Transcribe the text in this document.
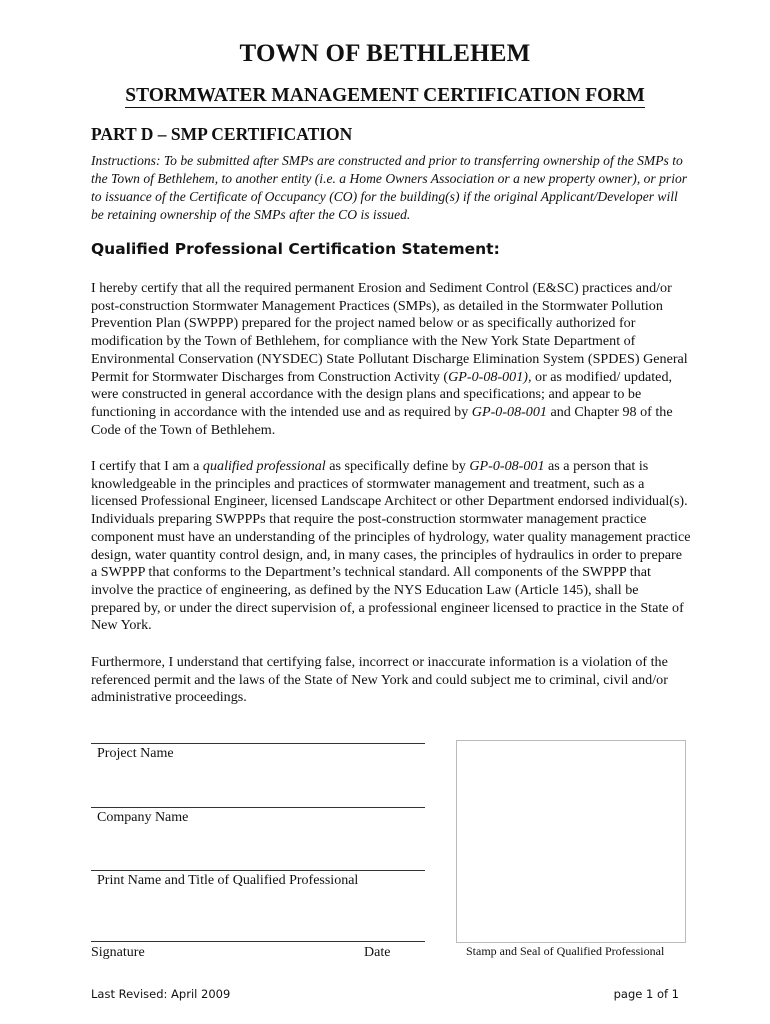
TOWN OF BETHLEHEM
STORMWATER MANAGEMENT CERTIFICATION FORM
PART D – SMP CERTIFICATION
Instructions: To be submitted after SMPs are constructed and prior to transferring ownership of the SMPs to the Town of Bethlehem, to another entity (i.e. a Home Owners Association or a new property owner), or prior to issuance of the Certificate of Occupancy (CO) for the building(s) if the original Applicant/Developer will be retaining ownership of the SMPs after the CO is issued.
Qualified Professional Certification Statement:
I hereby certify that all the required permanent Erosion and Sediment Control (E&SC) practices and/or post-construction Stormwater Management Practices (SMPs), as detailed in the Stormwater Pollution Prevention Plan (SWPPP) prepared for the project named below or as specifically authorized for modification by the Town of Bethlehem, for compliance with the New York State Department of Environmental Conservation (NYSDEC) State Pollutant Discharge Elimination System (SPDES) General Permit for Stormwater Discharges from Construction Activity (GP-0-08-001), or as modified/ updated, were constructed in general accordance with the design plans and specifications; and appear to be functioning in accordance with the intended use and as required by GP-0-08-001 and Chapter 98 of the Code of the Town of Bethlehem.
I certify that I am a qualified professional as specifically define by GP-0-08-001 as a person that is knowledgeable in the principles and practices of stormwater management and treatment, such as a licensed Professional Engineer, licensed Landscape Architect or other Department endorsed individual(s). Individuals preparing SWPPPs that require the post-construction stormwater management practice component must have an understanding of the principles of hydrology, water quality management practice design, water quantity control design, and, in many cases, the principles of hydraulics in order to prepare a SWPPP that conforms to the Department’s technical standard. All components of the SWPPP that involve the practice of engineering, as defined by the NYS Education Law (Article 145), shall be prepared by, or under the direct supervision of, a professional engineer licensed to practice in the State of New York.
Furthermore, I understand that certifying false, incorrect or inaccurate information is a violation of the referenced permit and the laws of the State of New York and could subject me to criminal, civil and/or administrative proceedings.
Project Name
Company Name
Print Name and Title of Qualified Professional
Signature	Date	Stamp and Seal of Qualified Professional
Last Revised: April 2009	page 1 of 1
